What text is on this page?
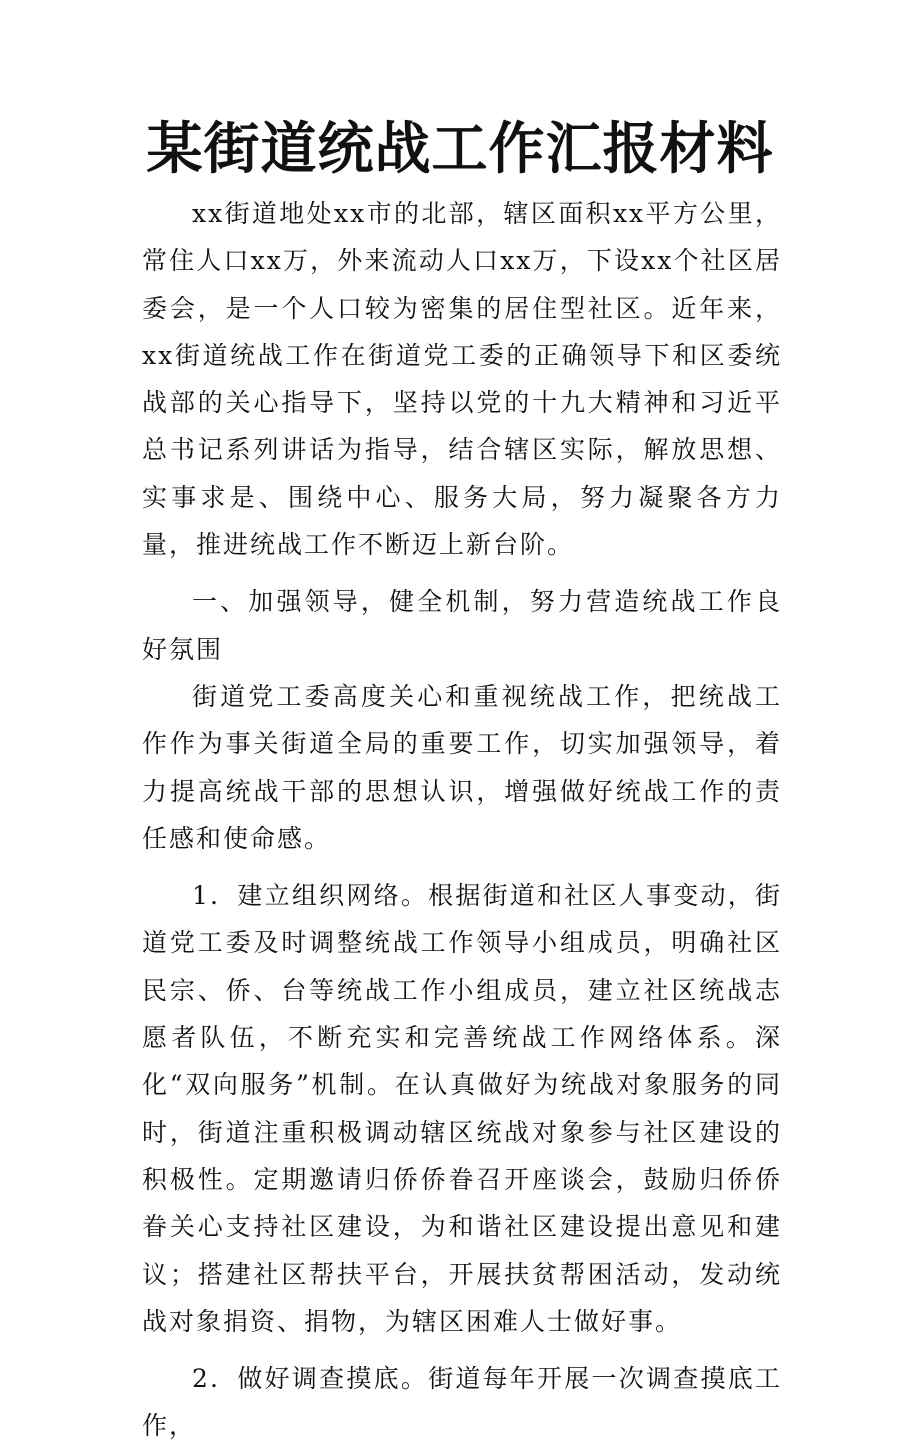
某街道统战工作汇报材料

xx街道地处xx市的北部，辖区面积xx平方公里，常住人口xx万，外来流动人口xx万，下设xx个社区居委会，是一个人口较为密集的居住型社区。近年来，xx街道统战工作在街道党工委的正确领导下和区委统战部的关心指导下，坚持以党的十九大精神和习近平总书记系列讲话为指导，结合辖区实际，解放思想、实事求是、围绕中心、服务大局，努力凝聚各方力量，推进统战工作不断迈上新台阶。

一、加强领导，健全机制，努力营造统战工作良好氛围

街道党工委高度关心和重视统战工作，把统战工作作为事关街道全局的重要工作，切实加强领导，着力提高统战干部的思想认识，增强做好统战工作的责任感和使命感。

1．建立组织网络。根据街道和社区人事变动，街道党工委及时调整统战工作领导小组成员，明确社区民宗、侨、台等统战工作小组成员，建立社区统战志愿者队伍，不断充实和完善统战工作网络体系。深化“双向服务”机制。在认真做好为统战对象服务的同时，街道注重积极调动辖区统战对象参与社区建设的积极性。定期邀请归侨侨眷召开座谈会，鼓励归侨侨眷关心支持社区建设，为和谐社区建设提出意见和建议；搭建社区帮扶平台，开展扶贫帮困活动，发动统战对象捐资、捐物，为辖区困难人士做好事。

2．做好调查摸底。街道每年开展一次调查摸底工作，
